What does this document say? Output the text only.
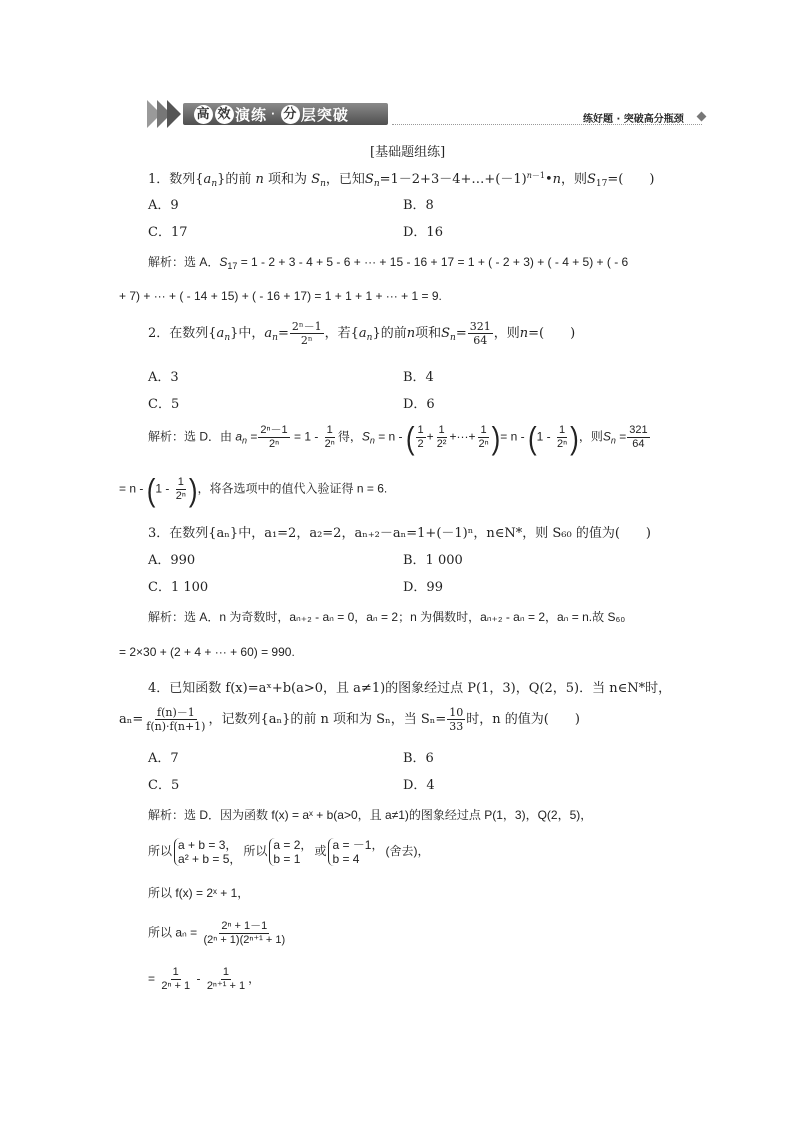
高 效 演练 · 分 层突破	练好题 · 突破高分瓶颈
[基础题组练]
1．数列$\{a_n\}$的前 n 项和为 $S_n$，已知$S_n=1-2+3-4+\dots+(-1)^{n-1}•n$，则$S_{17}=$(　　)
A．9	B．8
C．17	D．16
解析：选 A．$S_{17} = 1 - 2 + 3 - 4 + 5 - 6$ + ··· + 15 - 16 + 17 = 1 + ( - 2 + 3) + ( - 4 + 5) + ( - 6
+ 7) + ··· + ( - 14 + 15) + ( - 16 + 17) = 1 + 1 + 1 + ··· + 1 = 9.
2．在数列$\{a_n\}$中，$a_n= \frac{\text{2ⁿ－1}}{\text{2ⁿ}}$ ，若$\{a_n\}$的前n项和$S_n= \frac{321}{64}$ ，则n=(　　)
A．3	B．4
C．5	D．6
解析：选 D．由 $a_n = \frac{\text{2ⁿ－1}}{\text{2ⁿ}} = 1 - \frac{1}{\text{2ⁿ}}$ 得，$S_n = n$ - ( $\frac{1}{2} + \frac{1}{\text{2²}}$ +···+ $\frac{1}{\text{2ⁿ}}$ )= n - ($1 - \frac{1}{\text{2ⁿ}}$ )，则$S_n = \frac{321}{64}$
= n - ($1 - \frac{1}{\text{2ⁿ}}$ )，将各选项中的值代入验证得 n = 6.
3．在数列{aₙ}中，a₁=2，a₂=2，aₙ₊₂－aₙ=1+(－1)ⁿ，n∈N*，则 S₆₀ 的值为(　　)
A．990	B．1 000
C．1 100	D．99
解析：选 A．n 为奇数时，aₙ₊₂ - aₙ = 0，aₙ = 2；n 为偶数时，aₙ₊₂ - aₙ = 2，aₙ = n.故 S₆₀
= 2×30 + (2 + 4 + ··· + 60) = 990.
4．已知函数 f(x)=aˣ+b(a>0，且 a≠1)的图象经过点 P(1，3)，Q(2，5)．当 n∈N*时，
$a_n= \frac{f(n)-1}{f(n)\cdot f(n+1)}$ ，记数列{aₙ}的前 n 项和为 Sₙ，当 $S_n= \frac{10}{33}$ 时，n 的值为(　　)
A．7	B．6
C．5	D．4
解析：选 D．因为函数 f(x) = aˣ + b(a>0，且 a≠1)的图象经过点 P(1，3)，Q(2，5)，
所以 a + b = 3，
a² + b = 5，
所以 a = 2，
b = 1
或 a = －1，
b = 4
(舍去)，
所以 f(x) = 2ˣ + 1，
所以 $a_n = \frac{\text{2ⁿ + 1－1}}{\text{(2ⁿ + 1)(2ⁿ⁺¹ + 1)}}$
= $\frac{1}{\text{2ⁿ + 1}} - \frac{1}{\text{2ⁿ⁺¹ + 1}}$ ，
